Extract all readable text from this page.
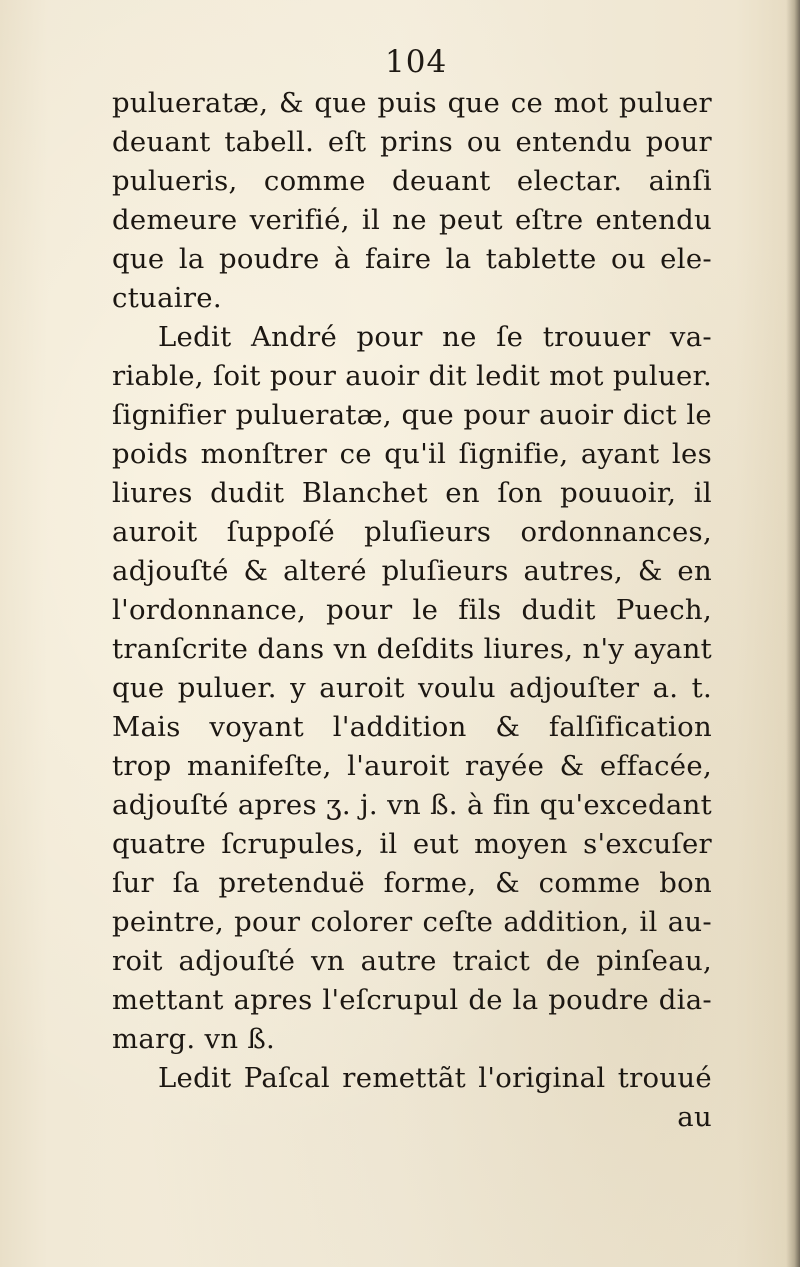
104
pulueratæ, & que puis que ce mot puluer
deuant tabell. eſt prins ou entendu pour
pulueris, comme deuant electar. ainſi
demeure verifié, il ne peut eſtre entendu
que la poudre à faire la tablette ou ele-
ctuaire.
Ledit André pour ne ſe trouuer va-
riable, ſoit pour auoir dit ledit mot puluer.
ſignifier pulueratæ, que pour auoir dict le
poids monſtrer ce qu'il ſignifie, ayant les
liures dudit Blanchet en ſon pouuoir, il
auroit ſuppoſé pluſieurs ordonnances,
adjouſté & alteré pluſieurs autres, & en
l'ordonnance, pour le fils dudit Puech,
tranſcrite dans vn deſdits liures, n'y ayant
que puluer. y auroit voulu adjouſter a. t.
Mais voyant l'addition & falſification
trop manifeſte, l'auroit rayée & effacée,
adjouſté apres ʒ. j. vn ß. à fin qu'excedant
quatre ſcrupules, il eut moyen s'excuſer
ſur ſa pretenduë forme, & comme bon
peintre, pour colorer ceſte addition, il au-
roit adjouſté vn autre traict de pinſeau,
mettant apres l'eſcrupul de la poudre dia-
marg. vn ß.
Ledit Paſcal remettãt l'original trouué
au
